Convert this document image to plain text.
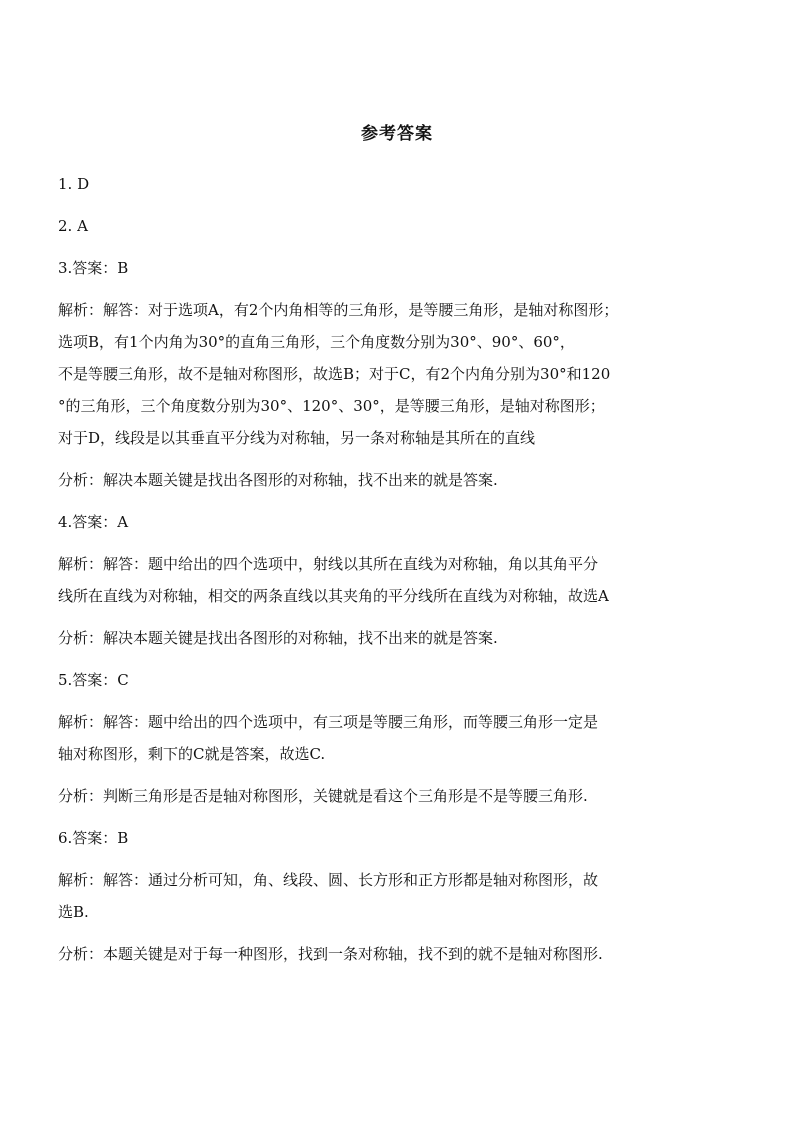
参考答案
1. D
2. A
3.答案：B
解析：解答：对于选项A，有2个内角相等的三角形，是等腰三角形，是轴对称图形；
选项B，有1个内角为30°的直角三角形，三个角度数分别为30°、90°、60°，
不是等腰三角形，故不是轴对称图形，故选B；对于C，有2个内角分别为30°和120
°的三角形，三个角度数分别为30°、120°、30°，是等腰三角形，是轴对称图形；
对于D，线段是以其垂直平分线为对称轴，另一条对称轴是其所在的直线
分析：解决本题关键是找出各图形的对称轴，找不出来的就是答案.
4.答案：A
解析：解答：题中给出的四个选项中，射线以其所在直线为对称轴，角以其角平分
线所在直线为对称轴，相交的两条直线以其夹角的平分线所在直线为对称轴，故选A
分析：解决本题关键是找出各图形的对称轴，找不出来的就是答案.
5.答案：C
解析：解答：题中给出的四个选项中，有三项是等腰三角形，而等腰三角形一定是
轴对称图形，剩下的C就是答案，故选C.
分析：判断三角形是否是轴对称图形，关键就是看这个三角形是不是等腰三角形.
6.答案：B
解析：解答：通过分析可知，角、线段、圆、长方形和正方形都是轴对称图形，故
选B.
分析：本题关键是对于每一种图形，找到一条对称轴，找不到的就不是轴对称图形.
